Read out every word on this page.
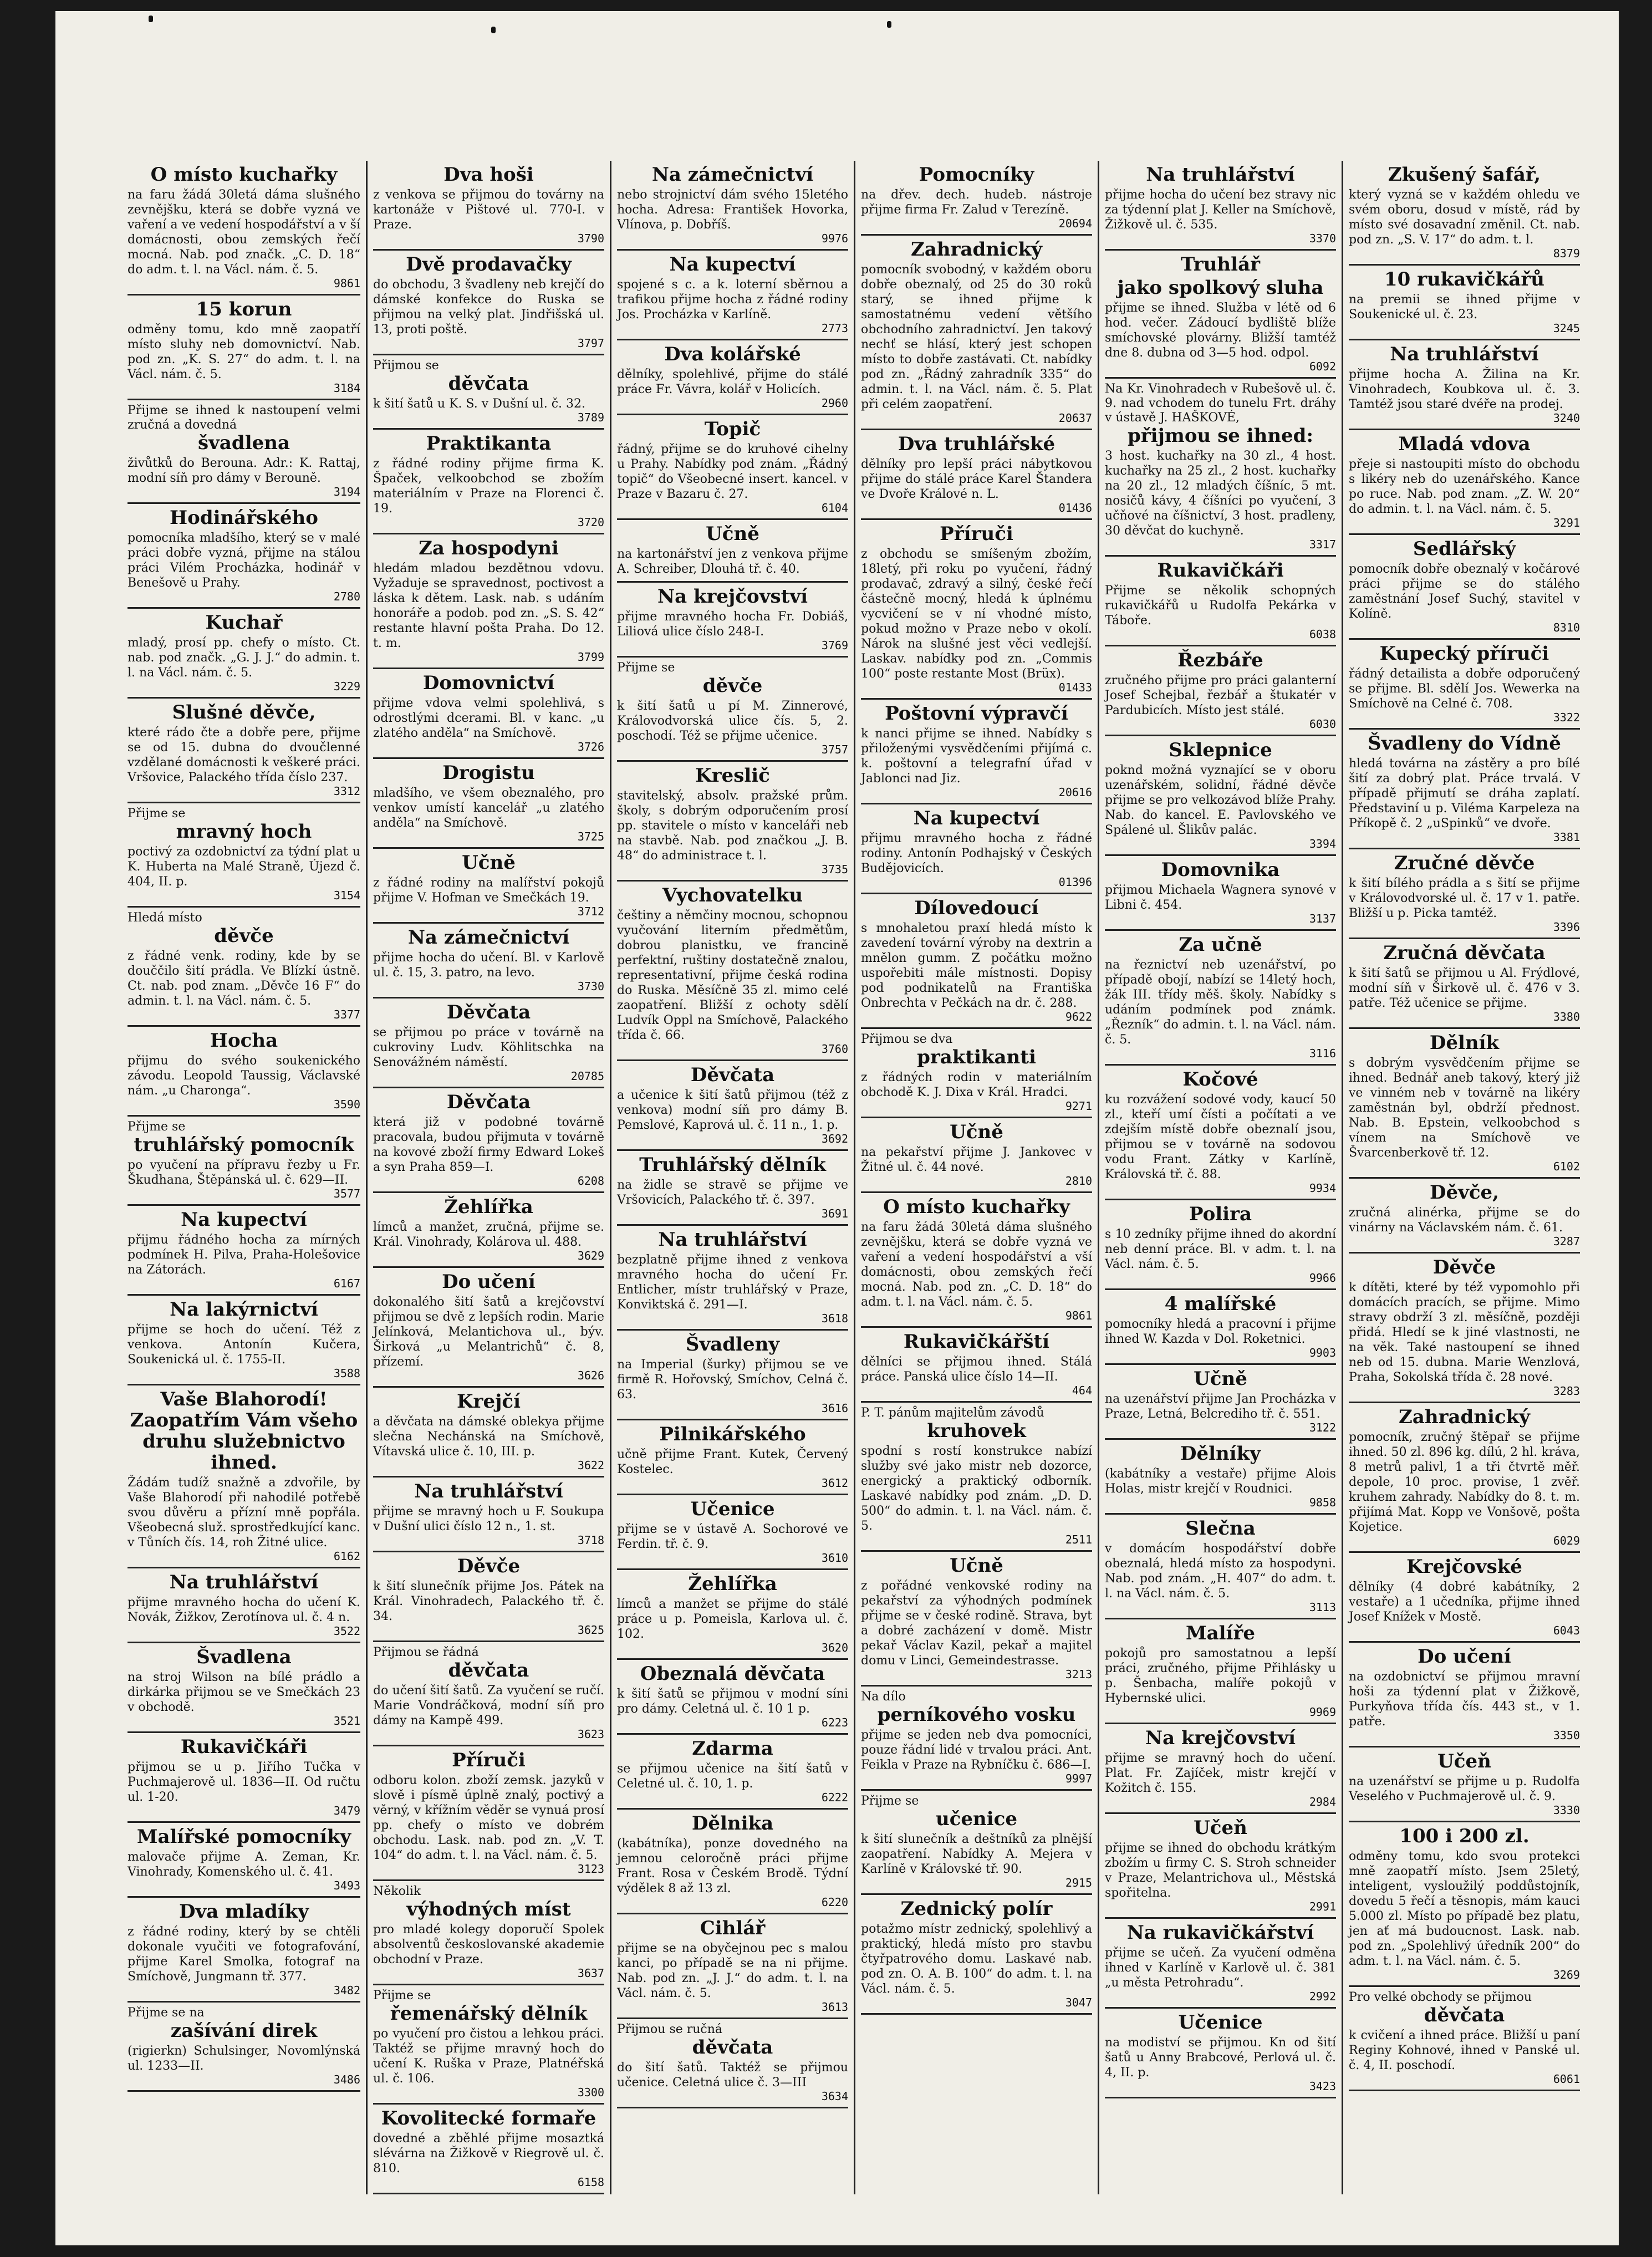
O místo kuchařky

na faru žádá 30letá dáma slušného zevnějšku, která se dobře vyzná ve vaření a ve vedení hospodářství a v ší domácnosti, obou zemských řečí mocná. Nab. pod značk. „C. D. 18“ do adm. t. l. na Václ. nám. č. 5.

9861
15 korun

odměny tomu, kdo mně zaopatří místo sluhy neb domovnictví. Nab. pod zn. „K. S. 27“ do adm. t. l. na Václ. nám. č. 5.

3184

Přijme se ihned k nastoupení velmi zručná a dovedná

švadlena

živůtků do Berouna. Adr.: K. Rattaj, modní síň pro dámy v Berouně.

3194
Hodinářského

pomocníka mladšího, který se v malé práci dobře vyzná, přijme na stálou práci Vilém Procházka, hodinář v Benešově u Prahy.

2780
Kuchař

mladý, prosí pp. chefy o místo. Ct. nab. pod značk. „G. J. J.“ do admin. t. l. na Václ. nám. č. 5.

3229
Slušné děvče,

které rádo čte a dobře pere, přijme se od 15. dubna do dvoučlenné vzdělané domácnosti k veškeré práci. Vršovice, Palackého třída číslo 237.

3312

Přijme se

mravný hoch

poctivý za ozdobnictví za týdní plat u K. Huberta na Malé Straně, Újezd č. 404, II. p.

3154

Hledá místo

děvče

z řádné venk. rodiny, kde by se douččilo šití prádla. Ve Blízkí ústně. Ct. nab. pod znam. „Děvče 16 F“ do admin. t. l. na Václ. nám. č. 5.

3377
Hocha

přijmu do svého soukenického závodu. Leopold Taussig, Václavské nám. „u Charonga“.

3590

Přijme se

truhlářský pomocník

po vyučení na přípravu řezby u Fr. Škudhana, Štěpánská ul. č. 629—II.

3577
Na kupectví

přijmu řádného hocha za mírných podmínek H. Pilva, Praha-Holešovice na Zátorách.

6167
Na lakýrnictví

přijme se hoch do učení. Též z venkova. Antonín Kučera, Soukenická ul. č. 1755-II.

3588
Vaše Blahorodí! Zaopatřím Vám všeho druhu služebnictvo ihned.

Žádám tudíž snažně a zdvořile, by Vaše Blahorodí při nahodilé potřebě svou důvěru a přízní mně popřála. Všeobecná služ. sprostředkující kanc. v Tůních čís. 14, roh Žitné ulice.

6162
Na truhlářství

přijme mravného hocha do učení K. Novák, Žižkov, Zerotínova ul. č. 4 n.

3522
Švadlena

na stroj Wilson na bílé prádlo a dirkárka přijmou se ve Smečkách 23 v obchodě.

3521
Rukavičkáři

přijmou se u p. Jiřího Tučka v Puchmajerově ul. 1836—II. Od ručtu ul. 1-20.

3479
Malířské pomocníky

malovače přijme A. Zeman, Kr. Vinohrady, Komenského ul. č. 41.

3493
Dva mladíky

z řádné rodiny, který by se chtěli dokonale vyučiti ve fotografování, přijme Karel Smolka, fotograf na Smíchově, Jungmann tř. 377.

3482

Přijme se na

zašívání direk

(rigierkn) Schulsinger, Novomlýnská ul. 1233—II.

3486
Dva hoši

z venkova se přijmou do továrny na kartonáže v Pištové ul. 770-I. v Praze.

3790
Dvě prodavačky

do obchodu, 3 švadleny neb krejčí do dámské konfekce do Ruska se přijmou na velký plat. Jindřišská ul. 13, proti poště.

3797

Přijmou se

děvčata

k šití šatů u K. S. v Dušní ul. č. 32.

3789
Praktikanta

z řádné rodiny přijme firma K. Špaček, velkoobchod se zbožím materiálním v Praze na Florenci č. 19.

3720
Za hospodyni

hledám mladou bezdětnou vdovu. Vyžaduje se spravednost, poctivost a láska k dětem. Lask. nab. s udáním honoráře a podob. pod zn. „S. S. 42“ restante hlavní pošta Praha. Do 12. t. m.

3799
Domovnictví

přijme vdova velmi spolehlivá, s odrostlými dcerami. Bl. v kanc. „u zlatého anděla“ na Smíchově.

3726
Drogistu

mladšího, ve všem obeznalého, pro venkov umístí kancelář „u zlatého anděla“ na Smíchově.

3725
Učně

z řádné rodiny na malířství pokojů přijme V. Hofman ve Smečkách 19.

3712
Na zámečnictví

přijme hocha do učení. Bl. v Karlově ul. č. 15, 3. patro, na levo.

3730
Děvčata

se přijmou po práce v továrně na cukroviny Ludv. Köhlitschka na Senovážném náměstí.

20785
Děvčata

která již v podobné továrně pracovala, budou přijmuta v továrně na kovové zboží firmy Edward Lokeš a syn Praha 859—I.

6208
Žehlířka

límců a manžet, zručná, přijme se. Král. Vinohrady, Kolárova ul. 488.

3629
Do učení

dokonalého šití šatů a krejčovství přijmou se dvě z lepších rodin. Marie Jelínková, Melantichova ul., býv. Širková „u Melantrichů“ č. 8, přízemí.

3626
Krejčí

a děvčata na dámské oblekya přijme slečna Nechánská na Smíchově, Vítavská ulice č. 10, III. p.

3622
Na truhlářství

přijme se mravný hoch u F. Soukupa v Dušní ulici číslo 12 n., 1. st.

3718
Děvče

k šití slunečník přijme Jos. Pátek na Král. Vinohradech, Palackého tř. č. 34.

3625

Přijmou se řádná

děvčata

do učení šití šatů. Za vyučení se ručí. Marie Vondráčková, modní síň pro dámy na Kampě 499.

3623
Příruči

odboru kolon. zboží zemsk. jazyků v slově i písmě úplně znalý, poctivý a věrný, v křížním věděr se vynuá prosí pp. chefy o místo ve dobrém obchodu. Lask. nab. pod zn. „V. T. 104“ do adm. t. l. na Václ. nám. č. 5.

3123

Několik

výhodných míst

pro mladé kolegy doporučí Spolek absolventů českoslovanské akademie obchodní v Praze.

3637

Přijme se

řemenářský dělník

po vyučení pro čistou a lehkou práci. Taktéž se přijme mravný hoch do učení K. Ruška v Praze, Platnéřská ul. č. 106.

3300
Kovolitecké formaře

dovedné a zběhlé přijme mosaztká slévárna na Žižkově v Riegrově ul. č. 810.

6158
Na zámečnictví

nebo strojnictví dám svého 15letého hocha. Adresa: František Hovorka, Vlínova, p. Dobříš.

9976
Na kupectví

spojené s c. a k. loterní sběrnou a trafikou přijme hocha z řádné rodiny Jos. Procházka v Karlíně.

2773
Dva kolářské

dělníky, spolehlivé, přijme do stálé práce Fr. Vávra, kolář v Holicích.

2960
Topič

řádný, přijme se do kruhové cihelny u Prahy. Nabídky pod znám. „Řádný topič“ do Všeobecné insert. kancel. v Praze v Bazaru č. 27.

6104
Učně

na kartonářství jen z venkova přijme A. Schreiber, Dlouhá tř. č. 40.

Na krejčovství

přijme mravného hocha Fr. Dobiáš, Liliová ulice číslo 248-I.

3769

Přijme se

děvče

k šití šatů u pí M. Zinnerové, Královodvorská ulice čís. 5, 2. poschodí. Též se přijme učenice.

3757
Kreslič

stavitelský, absolv. pražské prům. školy, s dobrým odporučením prosí pp. stavitele o místo v kanceláři neb na stavbě. Nab. pod značkou „J. B. 48“ do administrace t. l.

3735
Vychovatelku

češtiny a němčiny mocnou, schopnou vyučování literním předmětům, dobrou planistku, ve francině perfektní, ruštiny dostatečně znalou, representativní, přijme česká rodina do Ruska. Měsíčně 35 zl. mimo celé zaopatření. Bližší z ochoty sdělí Ludvík Oppl na Smíchově, Palackého třída č. 66.

3760
Děvčata

a učenice k šití šatů přijmou (též z venkova) modní síň pro dámy B. Pemslové, Kaprová ul. č. 11 n., 1. p.

3692
Truhlářský dělník

na židle se stravě se přijme ve Vršovicích, Palackého tř. č. 397.

3691
Na truhlářství

bezplatně přijme ihned z venkova mravného hocha do učení Fr. Entlicher, místr truhlářský v Praze, Konviktská č. 291—I.

3618
Švadleny

na Imperial (šurky) přijmou se ve firmě R. Hořovský, Smíchov, Celná č. 63.

3616
Pilnikářského

učně přijme Frant. Kutek, Červený Kostelec.

3612
Učenice

přijme se v ústavě A. Sochorové ve Ferdin. tř. č. 9.

3610
Žehlířka

límců a manžet se přijme do stálé práce u p. Pomeisla, Karlova ul. č. 102.

3620
Obeznalá děvčata

k šití šatů se přijmou v modní síni pro dámy. Celetná ul. č. 10 1 p.

6223
Zdarma

se přijmou učenice na šití šatů v Celetné ul. č. 10, 1. p.

6222
Dělnika

(kabátníka), ponze dovedného na jemnou celoročně práci přijme Frant. Rosa v Českém Brodě. Týdní výdělek 8 až 13 zl.

6220
Cihlář

přijme se na obyčejnou pec s malou kanci, po případě se na ni přijme. Nab. pod zn. „J. J.“ do adm. t. l. na Václ. nám. č. 5.

3613

Přijmou se ručná

děvčata

do šití šatů. Taktéž se přijmou učenice. Celetná ulice č. 3—III

3634
Pomocníky

na dřev. dech. hudeb. nástroje přijme firma Fr. Zalud v Terezíně.

20694
Zahradnický

pomocník svobodný, v každém oboru dobře obeznalý, od 25 do 30 roků starý, se ihned přijme k samostatnému vedení většího obchodního zahradnictví. Jen takový nechť se hlásí, který jest schopen místo to dobře zastávati. Ct. nabídky pod zn. „Řádný zahradník 335“ do admin. t. l. na Václ. nám. č. 5. Plat při celém zaopatření.

20637
Dva truhlářské

dělníky pro lepší práci nábytkovou přijme do stálé práce Karel Štandera ve Dvoře Králové n. L.

01436
Příruči

z obchodu se smíšeným zbožím, 18letý, při roku po vyučení, řádný prodavač, zdravý a silný, české řečí částečně mocný, hledá k úplnému vycvičení se v ní vhodné místo, pokud možno v Praze nebo v okolí. Nárok na slušné jest věci vedlejší. Laskav. nabídky pod zn. „Commis 100“ poste restante Most (Brüx).

01433
Poštovní výpravčí

k nanci přijme se ihned. Nabídky s přiloženými vysvědčeními přijímá c. k. poštovní a telegrafní úřad v Jablonci nad Jiz.

20616
Na kupectví

přijmu mravného hocha z řádné rodiny. Antonín Podhajský v Českých Budějovicích.

01396
Dílovedoucí

s mnohaletou praxí hledá místo k zavedení tovární výroby na dextrin a mnělon gumm. Z počátku možno uspořebiti mále místnosti. Dopisy pod podnikatelů na Františka Onbrechta v Pečkách na dr. č. 288.

9622

Přijmou se dva

praktikanti

z řádných rodin v materiálním obchodě K. J. Dixa v Král. Hradci.

9271
Učně

na pekařství přijme J. Jankovec v Žitné ul. č. 44 nové.

2810
O místo kuchařky

na faru žádá 30letá dáma slušného zevnějšku, která se dobře vyzná ve vaření a vedení hospodářství a vší domácnosti, obou zemských řečí mocná. Nab. pod zn. „C. D. 18“ do adm. t. l. na Václ. nám. č. 5.

9861
Rukavičkářští

dělníci se přijmou ihned. Stálá práce. Panská ulice číslo 14—II.

464

P. T. pánům majitelům závodů

kruhovek

spodní s rostí konstrukce nabízí služby své jako mistr neb dozorce, energický a praktický odborník. Laskavé nabídky pod znám. „D. D. 500“ do admin. t. l. na Václ. nám. č. 5.

2511
Učně

z pořádné venkovské rodiny na pekařství za výhodných podmínek přijme se v české rodině. Strava, byt a dobré zacházení v domě. Mistr pekař Václav Kazil, pekař a majitel domu v Linci, Gemeindestrasse.

3213

Na dílo

perníkového vosku

přijme se jeden neb dva pomocníci, pouze řádní lidé v trvalou práci. Ant. Feikla v Praze na Rybníčku č. 686—I.

9997

Přijme se

učenice

k šití slunečník a deštníků za plnější zaopatření. Nabídky A. Mejera v Karlíně v Královské tř. 90.

2915
Zednický polír

potažmo místr zednický, spolehlivý a praktický, hledá místo pro stavbu čtyřpatrového domu. Laskavé nab. pod zn. O. A. B. 100“ do adm. t. l. na Václ. nám. č. 5.

3047
Na truhlářství

přijme hocha do učení bez stravy nic za týdenní plat J. Keller na Smíchově, Žižkově ul. č. 535.

3370
Truhlář
jako spolkový sluha

přijme se ihned. Služba v létě od 6 hod. večer. Zádoucí bydliště blíže smíchovské plovárny. Bližší tamtéž dne 8. dubna od 3—5 hod. odpol.

6092

Na Kr. Vinohradech v Rubešově ul. č. 9. nad vchodem do tunelu Frt. dráhy v ústavě J. HAŠKOVÉ,

přijmou se ihned:

3 host. kuchařky na 30 zl., 4 host. kuchařky na 25 zl., 2 host. kuchařky na 20 zl., 12 mladých číšníc, 5 mt. nosičů kávy, 4 číšníci po vyučení, 3 učňové na číšnictví, 3 host. pradleny, 30 děvčat do kuchyně.

3317
Rukavičkáři

Přijme se několik schopných rukavičkářů u Rudolfa Pekárka v Táboře.

6038
Řezbáře

zručného přijme pro práci galanterní Josef Schejbal, řezbář a štukatér v Pardubicích. Místo jest stálé.

6030
Sklepnice

poknd možná vyznající se v oboru uzenářském, solidní, řádné děvče přijme se pro velkozávod blíže Prahy. Nab. do kancel. E. Pavlovského ve Spálené ul. Šlikův palác.

3394
Domovnika

přijmou Michaela Wagnera synové v Libni č. 454.

3137
Za učně

na řeznictví neb uzenářství, po případě obojí, nabízí se 14letý hoch, žák III. třídy měš. školy. Nabídky s udáním podmínek pod známk. „Řezník“ do admin. t. l. na Václ. nám. č. 5.

3116
Kočové

ku rozvážení sodové vody, kaucí 50 zl., kteří umí čísti a počítati a ve zdejším místě dobře obeznalí jsou, přijmou se v továrně na sodovou vodu Frant. Zátky v Karlíně, Královská tř. č. 88.

9934
Polira

s 10 zedníky přijme ihned do akordní neb denní práce. Bl. v adm. t. l. na Václ. nám. č. 5.

9966
4 malířské

pomocníky hledá a pracovní i přijme ihned W. Kazda v Dol. Roketnici.

9903
Učně

na uzenářství přijme Jan Procházka v Praze, Letná, Belcrediho tř. č. 551.

3122
Dělníky

(kabátníky a vestaře) přijme Alois Holas, mistr krejčí v Roudnici.

9858
Slečna

v domácím hospodářství dobře obeznalá, hledá místo za hospodyni. Nab. pod znám. „H. 407“ do adm. t. l. na Václ. nám. č. 5.

3113
Malíře

pokojů pro samostatnou a lepší práci, zručného, přijme Přihlásky u p. Šenbacha, malíře pokojů v Hybernské ulici.

9969
Na krejčovství

přijme se mravný hoch do učení. Plat. Fr. Zajíček, mistr krejčí v Kožitch č. 155.

2984
Učeň

přijme se ihned do obchodu krátkým zbožím u firmy C. S. Stroh schneider v Praze, Melantrichova ul., Městská spořitelna.

2991
Na rukavičkářství

přijme se učeň. Za vyučení odměna ihned v Karlíně v Karlově ul. č. 381 „u města Petrohradu“.

2992
Učenice

na modiství se přijmou. Kn od šití šatů u Anny Brabcové, Perlová ul. č. 4, II. p.

3423
Zkušený šafář,

který vyzná se v každém ohledu ve svém oboru, dosud v místě, rád by místo své dosavadní změnil. Ct. nab. pod zn. „S. V. 17“ do adm. t. l.

8379
10 rukavičkářů

na premii se ihned přijme v Soukenické ul. č. 23.

3245
Na truhlářství

přijme hocha A. Žilina na Kr. Vinohradech, Koubkova ul. č. 3. Tamtéž jsou staré dvéře na prodej.

3240
Mladá vdova

přeje si nastoupiti místo do obchodu s likéry neb do uzenářského. Kance po ruce. Nab. pod znam. „Z. W. 20“ do admin. t. l. na Václ. nám. č. 5.

3291
Sedlářský

pomocník dobře obeznalý v kočárové práci přijme se do stálého zaměstnání Josef Suchý, stavitel v Kolíně.

8310
Kupecký příruči

řádný detailista a dobře odporučený se přijme. Bl. sdělí Jos. Wewerka na Smíchově na Celné č. 708.

3322
Švadleny do Vídně

hledá továrna na zástěry a pro bílé šití za dobrý plat. Práce trvalá. V případě přijmutí se dráha zaplatí. Představiní u p. Viléma Karpeleza na Příkopě č. 2 „uSpinků“ ve dvoře.

3381
Zručné děvče

k šití bílého prádla a s šití se přijme v Královodvorské ul. č. 17 v 1. patře. Bližší u p. Picka tamtéž.

3396
Zručná děvčata

k šití šatů se přijmou u Al. Frýdlové, modní síň v Širkově ul. č. 476 v 3. patře. Též učenice se přijme.

3380
Dělník

s dobrým vysvědčením přijme se ihned. Bednář aneb takový, který již ve vinném neb v továrně na likéry zaměstnán byl, obdrží přednost. Nab. B. Epstein, velkoobchod s vínem na Smíchově ve Švarcenberkově tř. 12.

6102
Děvče,

zručná alinérka, přijme se do vinárny na Václavském nám. č. 61.

3287
Děvče

k dítěti, které by též vypomohlo při domácích pracích, se přijme. Mimo stravy obdrží 3 zl. měsíčně, později přidá. Hledí se k jiné vlastnosti, ne na věk. Také nastoupení se ihned neb od 15. dubna. Marie Wenzlová, Praha, Sokolská třída č. 28 nové.

3283
Zahradnický

pomocník, zručný štěpař se přijme ihned. 50 zl. 896 kg. dílú, 2 hl. kráva, 8 metrů palivl, 1 a tři čtvrtě měř. depole, 10 proc. provise, 1 zvěř. kruhem zahrady. Nabídky do 8. t. m. přijímá Mat. Kopp ve Vonšově, pošta Kojetice.

6029
Krejčovské

dělníky (4 dobré kabátníky, 2 vestaře) a 1 učedníka, přijme ihned Josef Knížek v Mostě.

6043
Do učení

na ozdobnictví se přijmou mravní hoši za týdenní plat v Žižkově, Purkyňova třída čís. 443 st., v 1. patře.

3350
Učeň

na uzenářství se přijme u p. Rudolfa Veselého v Puchmajerově ul. č. 9.

3330
100 i 200 zl.

odměny tomu, kdo svou protekci mně zaopatří místo. Jsem 25letý, inteligent, vysloužilý poddůstojník, dovedu 5 řečí a těsnopis, mám kauci 5.000 zl. Místo po případě bez platu, jen ať má budoucnost. Lask. nab. pod zn. „Spolehlivý úředník 200“ do adm. t. l. na Václ. nám. č. 5.

3269

Pro velké obchody se přijmou

děvčata

k cvičení a ihned práce. Bližší u paní Reginy Kohnové, ihned v Panské ul. č. 4, II. poschodí.

6061
